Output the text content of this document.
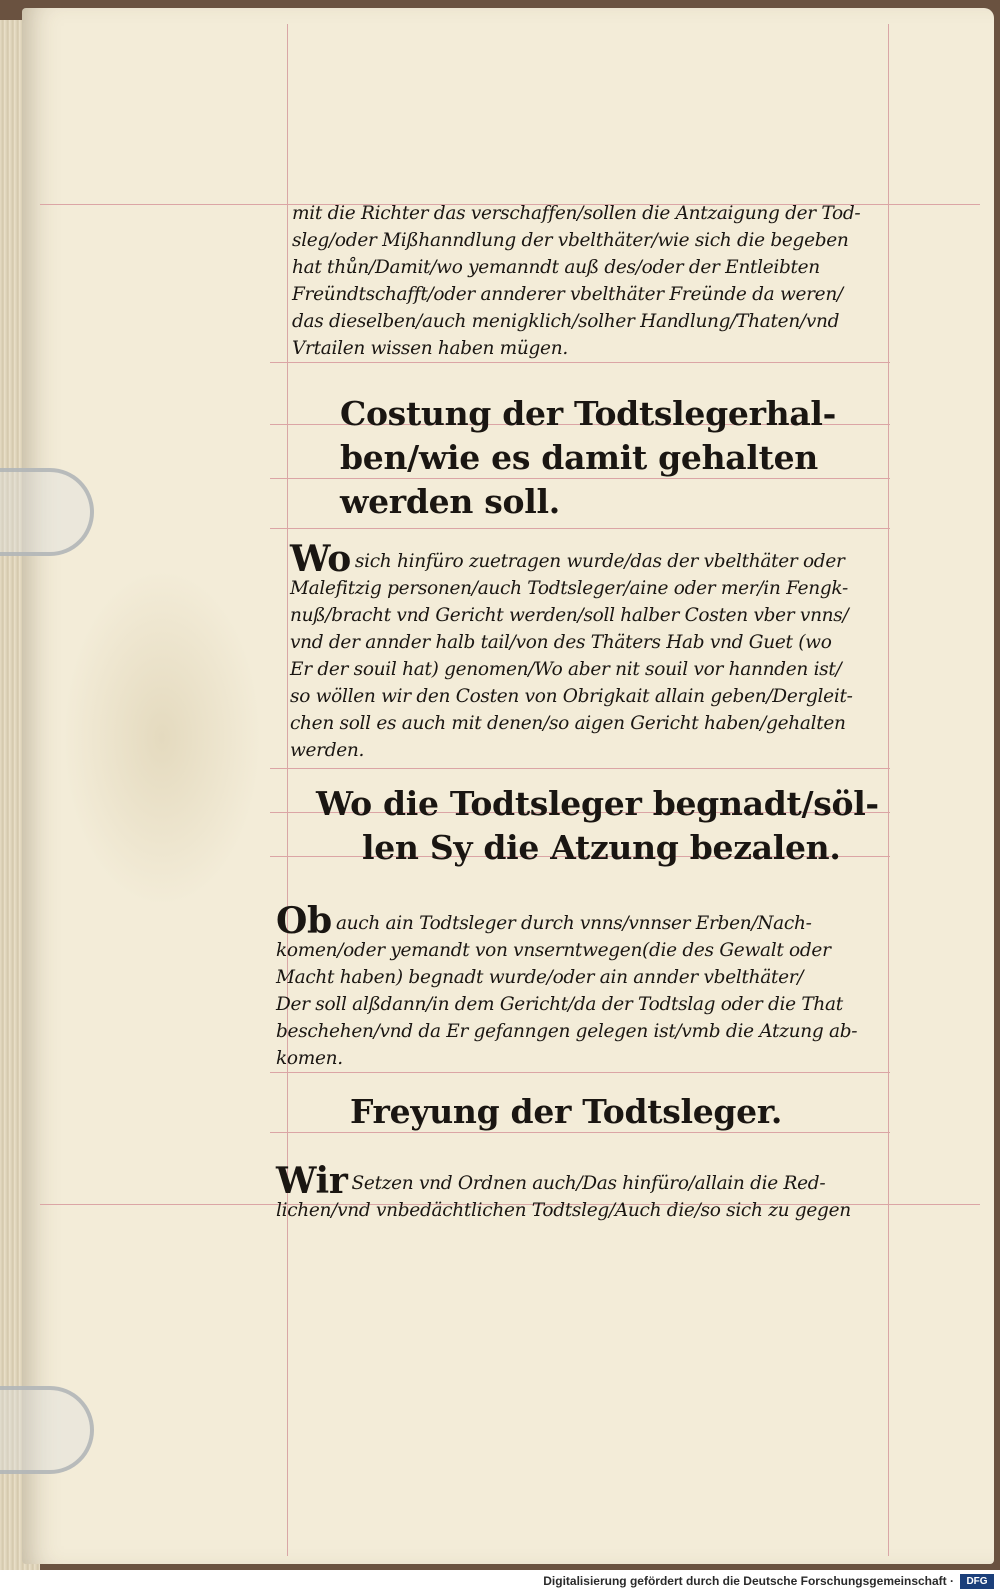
mit die Richter das verschaffen/sollen die Antzaigung der Tod-
sleg/oder Mißhanndlung der vbelthäter/wie sich die begeben
hat thůn/Damit/wo yemanndt auß des/oder der Entleibten
Freündtschafft/oder annderer vbelthäter Freünde da weren/
das dieselben/auch menigklich/solher Handlung/Thaten/vnd
Vrtailen wissen haben mügen.
Costung der Todtslegerhal-
ben/wie es damit gehalten
werden soll.
Wo sich hinfüro zuetragen wurde/das der vbelthäter oder
Malefitzig personen/auch Todtsleger/aine oder mer/in Fengk-
nuß/bracht vnd Gericht werden/soll halber Costen vber vnns/
vnd der annder halb tail/von des Thäters Hab vnd Guet (wo
Er der souil hat) genomen/Wo aber nit souil vor hannden ist/
so wöllen wir den Costen von Obrigkait allain geben/Dergleit-
chen soll es auch mit denen/so aigen Gericht haben/gehalten
werden.
Wo die Todtsleger begnadt/söl-
len Sy die Atzung bezalen.
Ob auch ain Todtsleger durch vnns/vnnser Erben/Nach-
komen/oder yemandt von vnserntwegen(die des Gewalt oder
Macht haben) begnadt wurde/oder ain annder vbelthäter/
Der soll alßdann/in dem Gericht/da der Todtslag oder die That
beschehen/vnd da Er gefanngen gelegen ist/vmb die Atzung ab-
komen.
Freyung der Todtsleger.
Wir Setzen vnd Ordnen auch/Das hinfüro/allain die Red-
lichen/vnd vnbedächtlichen Todtsleg/Auch die/so sich zu gegen
Digitalisierung gefördert durch die Deutsche Forschungsgemeinschaft ·	DFG
